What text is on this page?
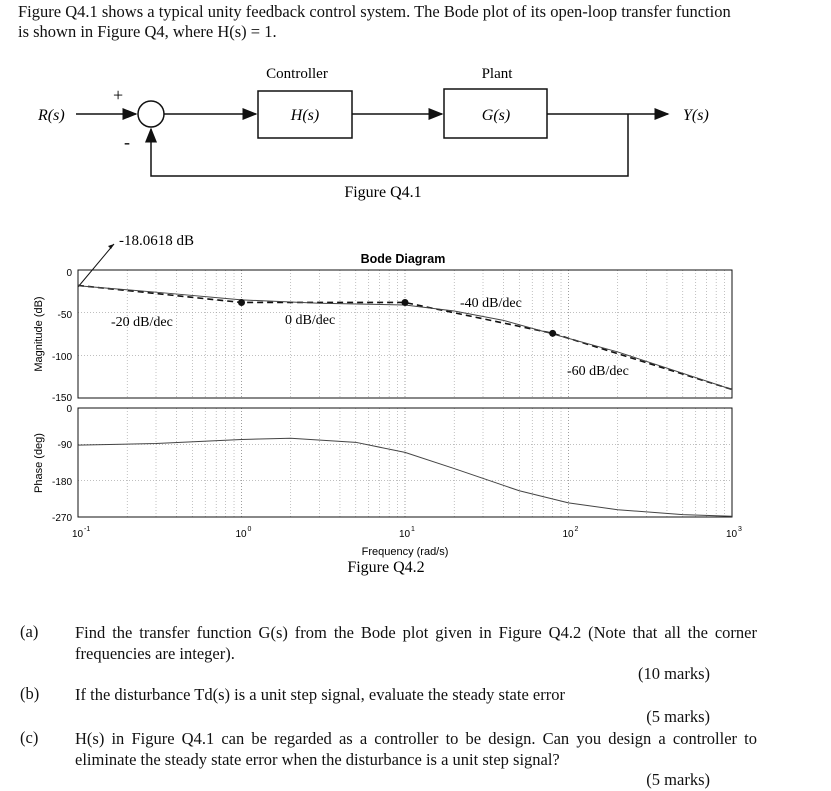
Figure Q4.1 shows a typical unity feedback control system. The Bode plot of its open-loop transfer function
is shown in Figure Q4, where H(s) = 1.
R(s)
+
-
Controller
H(s)
Plant
G(s)	Y(s)
Figure Q4.1
Bode Diagram
-18.0618 dB
0
-50
-100
-150
0
-90
-180
-270
10 -1	10 0	10 1	10 2	10 3
Magnitude (dB)
Phase (deg)
Frequency (rad/s)
-20 dB/dec	0 dB/dec
-40 dB/dec
-60 dB/dec
Figure Q4.2
(a) Find the transfer function G(s) from the Bode plot given in Figure Q4.2 (Note that all the corner frequencies are integer).
(10 marks)
(b) If the disturbance Td(s) is a unit step signal, evaluate the steady state error
(5 marks)
(c) H(s) in Figure Q4.1 can be regarded as a controller to be design. Can you design a controller to eliminate the steady state error when the disturbance is a unit step signal?
(5 marks)
